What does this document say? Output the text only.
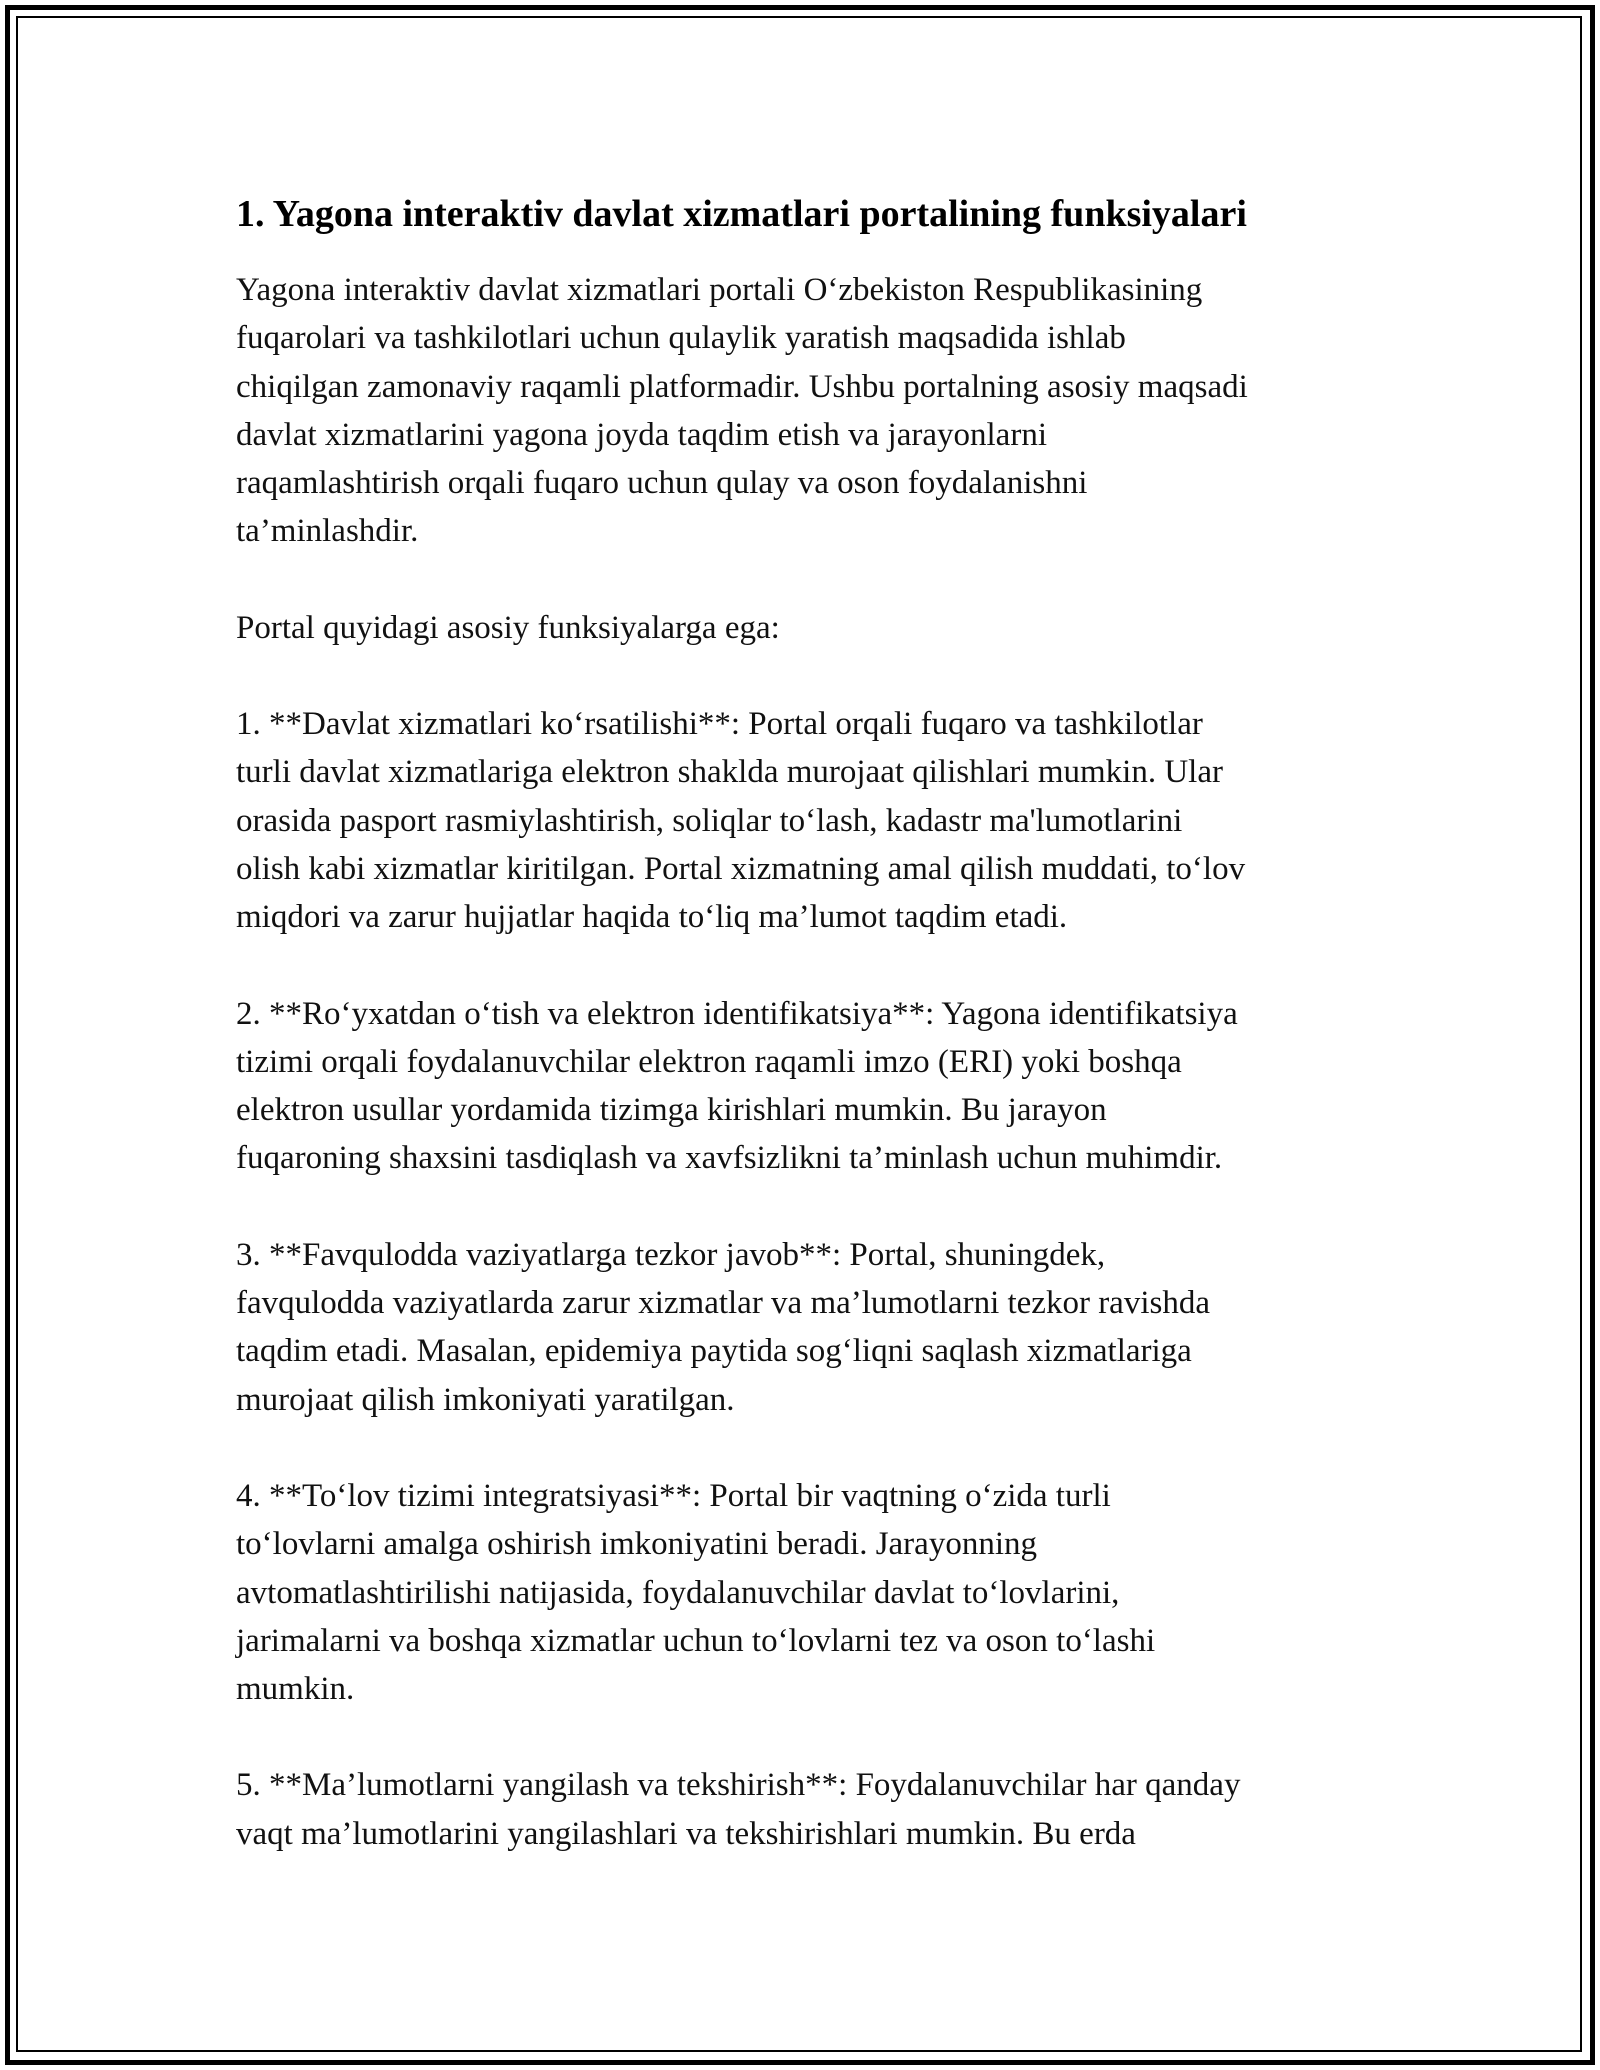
1. Yagona interaktiv davlat xizmatlari portalining funksiyalari

Yagona interaktiv davlat xizmatlari portali O‘zbekiston Respublikasining
fuqarolari va tashkilotlari uchun qulaylik yaratish maqsadida ishlab
chiqilgan zamonaviy raqamli platformadir. Ushbu portalning asosiy maqsadi
davlat xizmatlarini yagona joyda taqdim etish va jarayonlarni
raqamlashtirish orqali fuqaro uchun qulay va oson foydalanishni
ta’minlashdir.

Portal quyidagi asosiy funksiyalarga ega:

1. **Davlat xizmatlari ko‘rsatilishi**: Portal orqali fuqaro va tashkilotlar
turli davlat xizmatlariga elektron shaklda murojaat qilishlari mumkin. Ular
orasida pasport rasmiylashtirish, soliqlar to‘lash, kadastr ma'lumotlarini
olish kabi xizmatlar kiritilgan. Portal xizmatning amal qilish muddati, to‘lov
miqdori va zarur hujjatlar haqida to‘liq ma’lumot taqdim etadi.

2. **Ro‘yxatdan o‘tish va elektron identifikatsiya**: Yagona identifikatsiya
tizimi orqali foydalanuvchilar elektron raqamli imzo (ERI) yoki boshqa
elektron usullar yordamida tizimga kirishlari mumkin. Bu jarayon
fuqaroning shaxsini tasdiqlash va xavfsizlikni ta’minlash uchun muhimdir.

3. **Favqulodda vaziyatlarga tezkor javob**: Portal, shuningdek,
favqulodda vaziyatlarda zarur xizmatlar va ma’lumotlarni tezkor ravishda
taqdim etadi. Masalan, epidemiya paytida sog‘liqni saqlash xizmatlariga
murojaat qilish imkoniyati yaratilgan.

4. **To‘lov tizimi integratsiyasi**: Portal bir vaqtning o‘zida turli
to‘lovlarni amalga oshirish imkoniyatini beradi. Jarayonning
avtomatlashtirilishi natijasida, foydalanuvchilar davlat to‘lovlarini,
jarimalarni va boshqa xizmatlar uchun to‘lovlarni tez va oson to‘lashi
mumkin.

5. **Ma’lumotlarni yangilash va tekshirish**: Foydalanuvchilar har qanday
vaqt ma’lumotlarini yangilashlari va tekshirishlari mumkin. Bu erda
